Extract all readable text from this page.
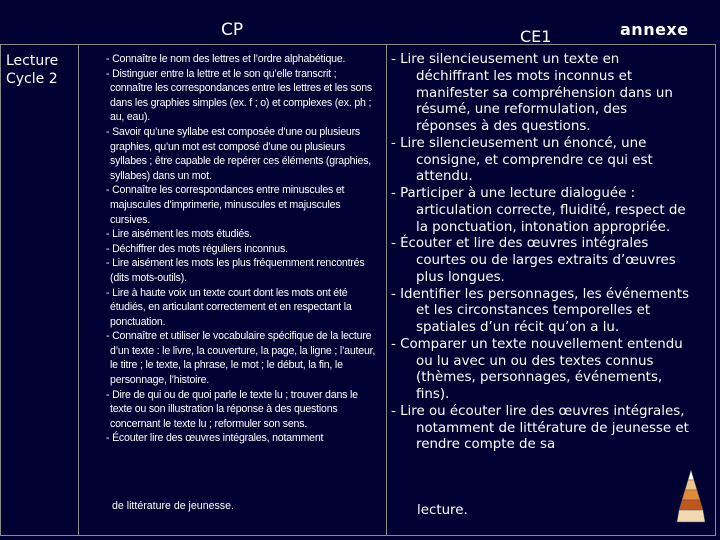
CP	CE1	annexe
Lecture
Cycle 2

- Connaître le nom des lettres et l’ordre alphabétique.

- Distinguer entre la lettre et le son qu’elle transcrit ; connaître les correspondances entre les lettres et les sons dans les graphies simples (ex. f ; o) et complexes (ex. ph ; au, eau).

- Savoir qu’une syllabe est composée d’une ou plusieurs graphies, qu’un mot est composé d’une ou plusieurs syllabes ; être capable de repérer ces éléments (graphies, syllabes) dans un mot.

- Connaître les correspondances entre minuscules et majuscules d’imprimerie, minuscules et majuscules cursives.

- Lire aisément les mots étudiés.

- Déchiffrer des mots réguliers inconnus.

- Lire aisément les mots les plus fréquemment rencontrés (dits mots-outils).

- Lire à haute voix un texte court dont les mots ont été étudiés, en articulant correctement et en respectant la ponctuation.

- Connaître et utiliser le vocabulaire spécifique de la lecture d’un texte : le livre, la couverture, la page, la ligne ; l’auteur, le titre ; le texte, la phrase, le mot ; le début, la fin, le personnage, l’histoire.

- Dire de qui ou de quoi parle le texte lu ; trouver dans le texte ou son illustration la réponse à des questions concernant le texte lu ; reformuler son sens.

- Écouter lire des œuvres intégrales, notamment

de littérature de jeunesse.

- Lire silencieusement un texte en déchiffrant les mots inconnus et manifester sa compréhension dans un résumé, une reformulation, des réponses à des questions.

- Lire silencieusement un énoncé, une consigne, et comprendre ce qui est attendu.

- Participer à une lecture dialoguée : articulation correcte, fluidité, respect de la ponctuation, intonation appropriée.

- Écouter et lire des œuvres intégrales courtes ou de larges extraits d’œuvres plus longues.

- Identifier les personnages, les événements et les circonstances temporelles et spatiales d’un récit qu’on a lu.

- Comparer un texte nouvellement entendu ou lu avec un ou des textes connus (thèmes, personnages, événements, fins).

- Lire ou écouter lire des œuvres intégrales, notamment de littérature de jeunesse et rendre compte de sa

lecture.
